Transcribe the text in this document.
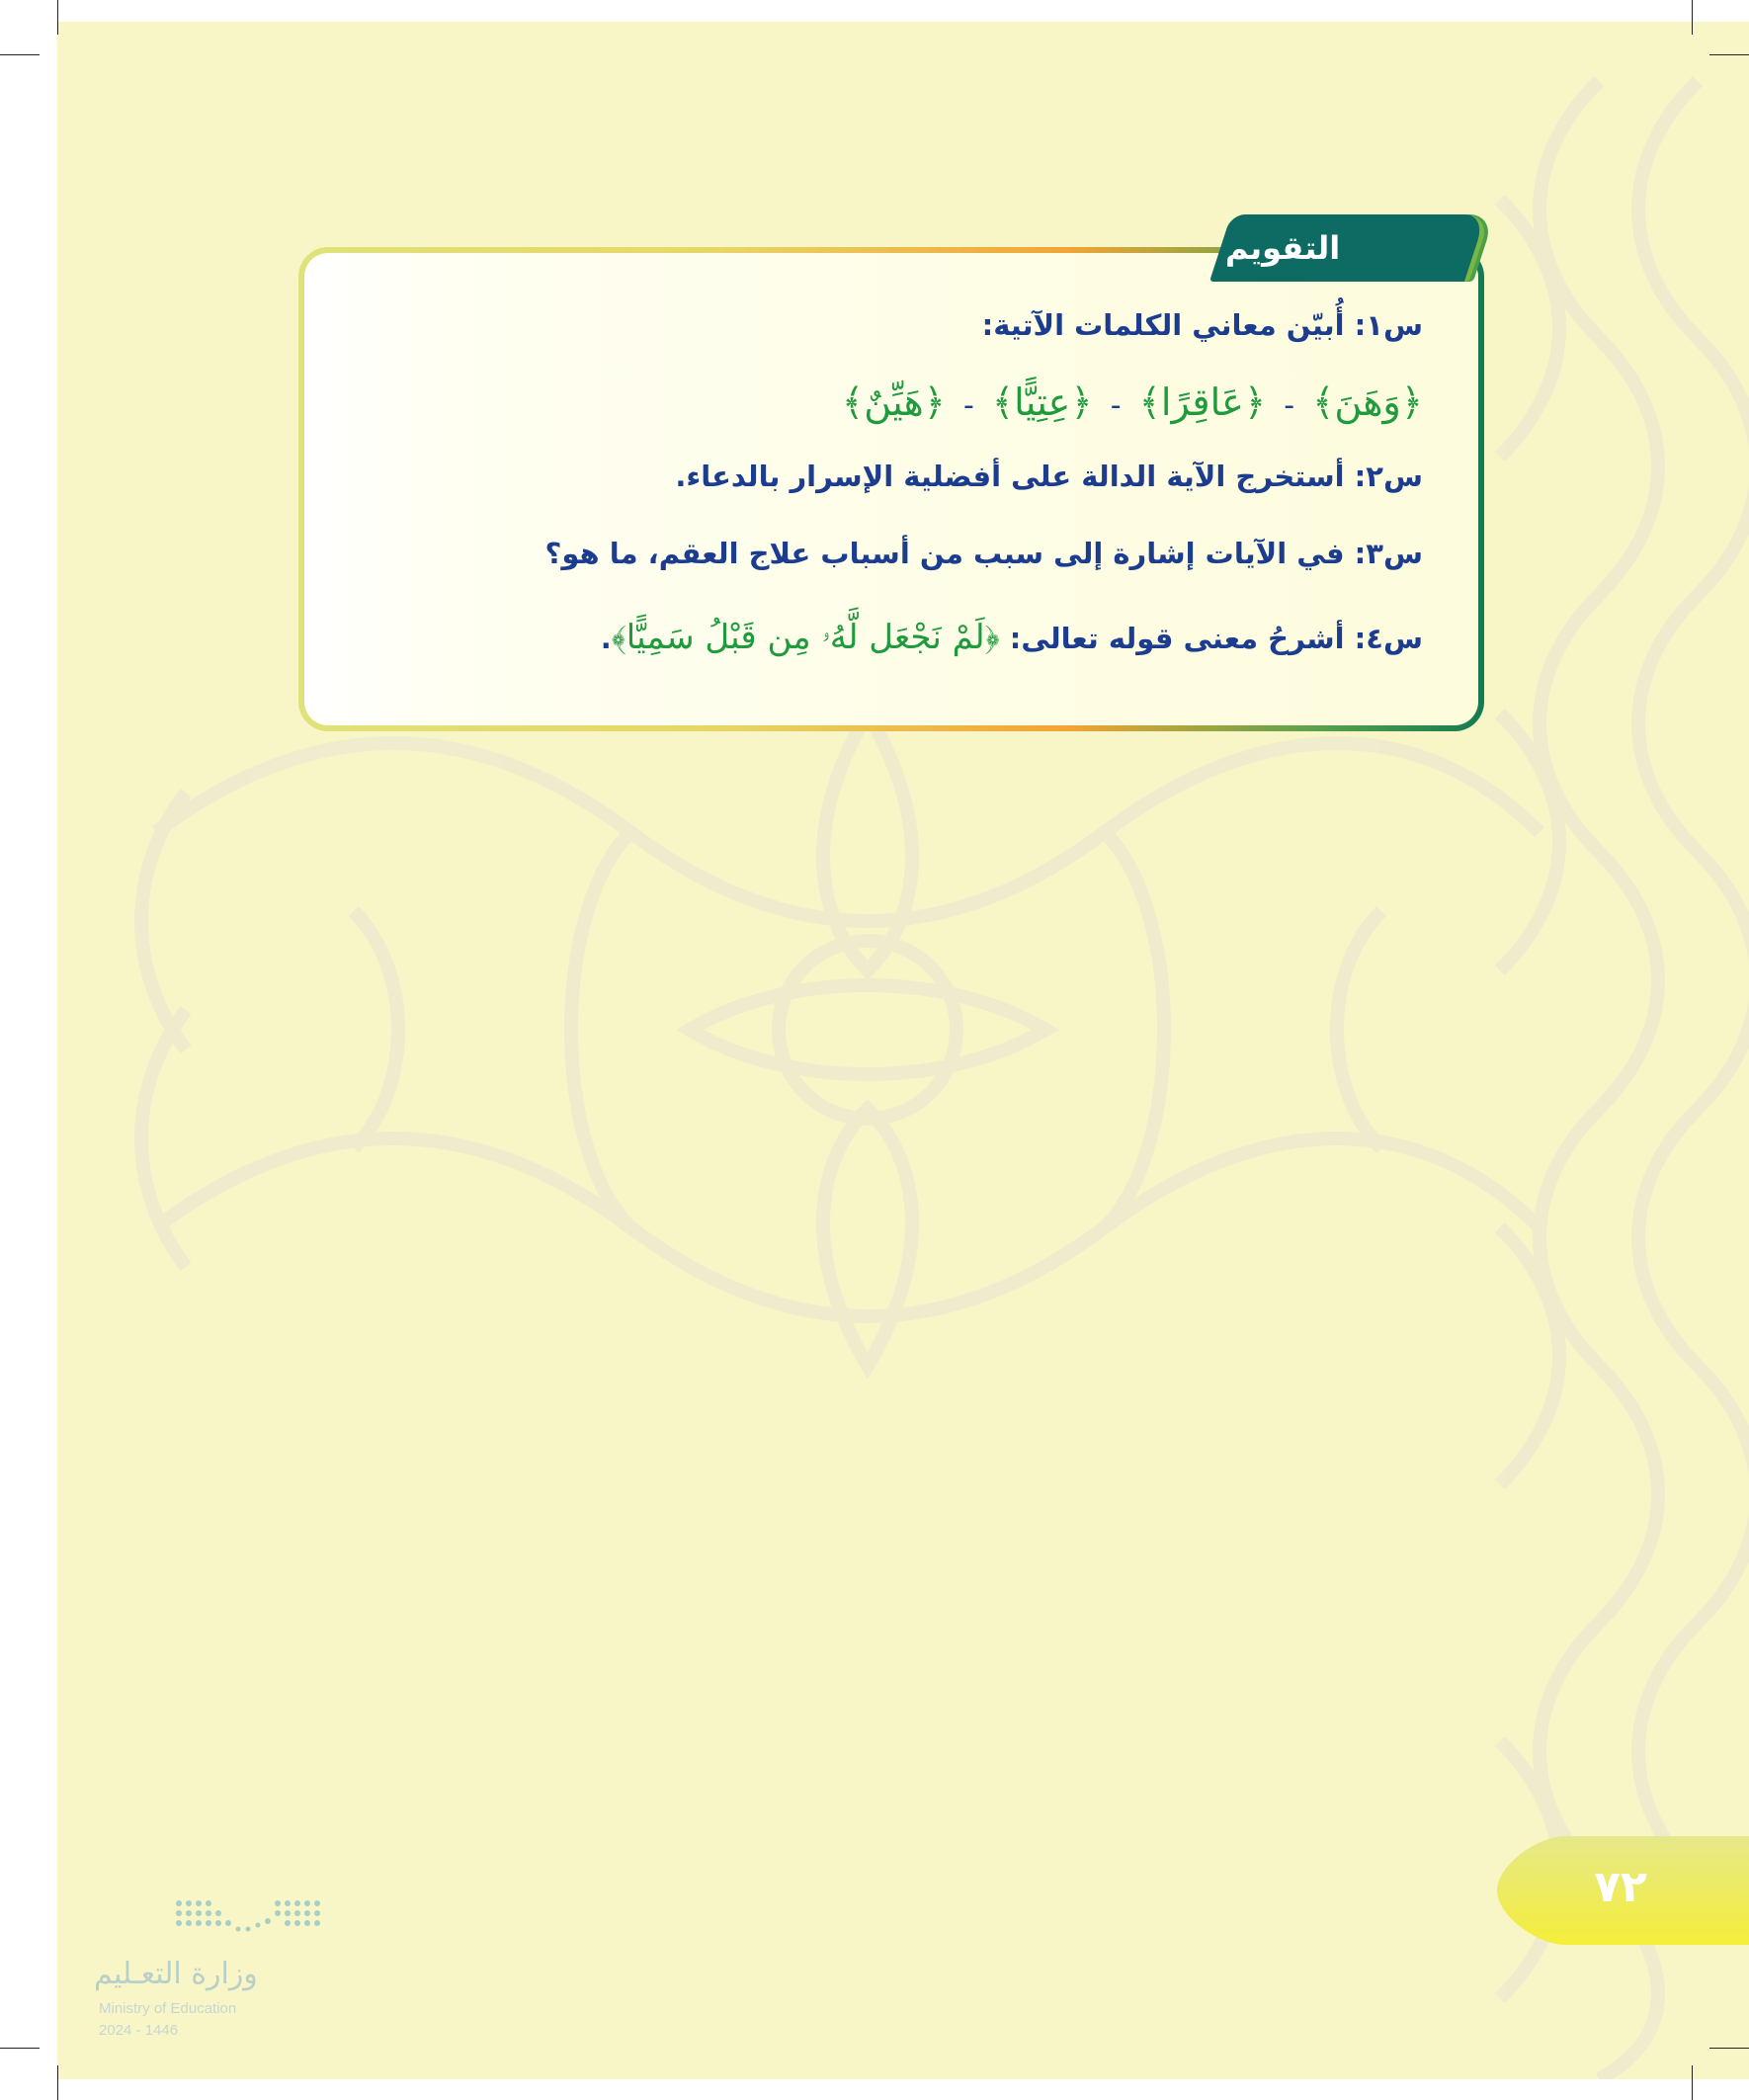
التقويم
س١: أُبيّن معاني الكلمات الآتية:
﴿وَهَنَ﴾ - ﴿عَاقِرًا﴾ - ﴿عِتِيًّا﴾ - ﴿هَيِّنٌ﴾
س٢: أستخرج الآية الدالة على أفضلية الإسرار بالدعاء.
س٣: في الآيات إشارة إلى سبب من أسباب علاج العقم، ما هو؟
س٤: أشرحُ معنى قوله تعالى: ﴿لَمْ نَجْعَل لَّهُۥ مِن قَبْلُ سَمِيًّا﴾.
٧٢
وزارة التعـليم
Ministry of Education
2024 - 1446
